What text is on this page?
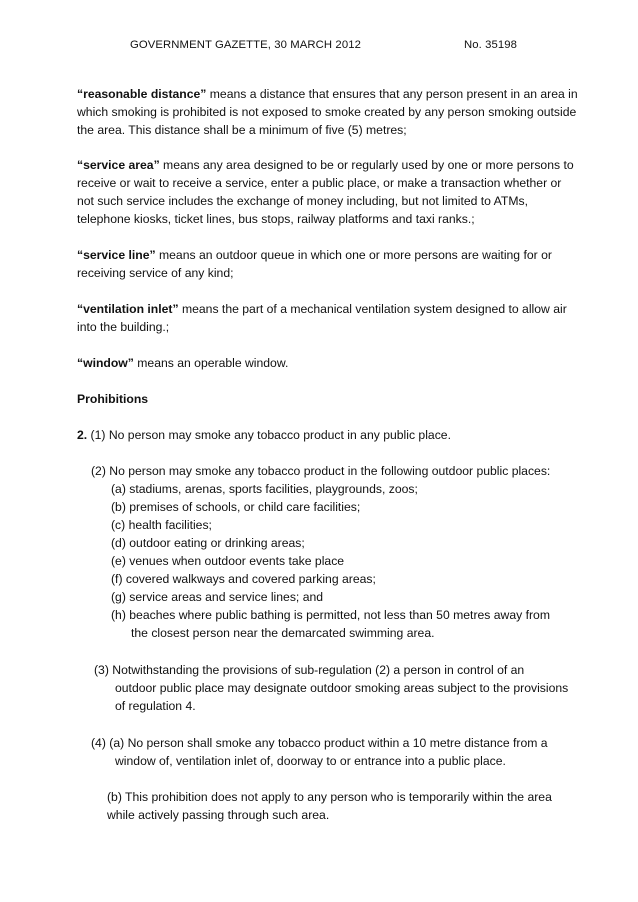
GOVERNMENT GAZETTE, 30 MARCH 2012	No. 35198
“reasonable distance” means a distance that ensures that any person present in an area in
which smoking is prohibited is not exposed to smoke created by any person smoking outside
the area. This distance shall be a minimum of five (5) metres;
“service area” means any area designed to be or regularly used by one or more persons to
receive or wait to receive a service, enter a public place, or make a transaction whether or
not such service includes the exchange of money including, but not limited to ATMs,
telephone kiosks, ticket lines, bus stops, railway platforms and taxi ranks.;
“service line” means an outdoor queue in which one or more persons are waiting for or
receiving service of any kind;
“ventilation inlet” means the part of a mechanical ventilation system designed to allow air
into the building.;
“window” means an operable window.
Prohibitions
2. (1) No person may smoke any tobacco product in any public place.
(2) No person may smoke any tobacco product in the following outdoor public places:
(a) stadiums, arenas, sports facilities, playgrounds, zoos;
(b) premises of schools, or child care facilities;
(c) health facilities;
(d) outdoor eating or drinking areas;
(e) venues when outdoor events take place
(f) covered walkways and covered parking areas;
(g) service areas and service lines; and
(h) beaches where public bathing is permitted, not less than 50 metres away from
the closest person near the demarcated swimming area.
(3) Notwithstanding the provisions of sub-regulation (2) a person in control of an
outdoor public place may designate outdoor smoking areas subject to the provisions
of regulation 4.
(4) (a) No person shall smoke any tobacco product within a 10 metre distance from a
window of, ventilation inlet of, doorway to or entrance into a public place.
(b) This prohibition does not apply to any person who is temporarily within the area
while actively passing through such area.
